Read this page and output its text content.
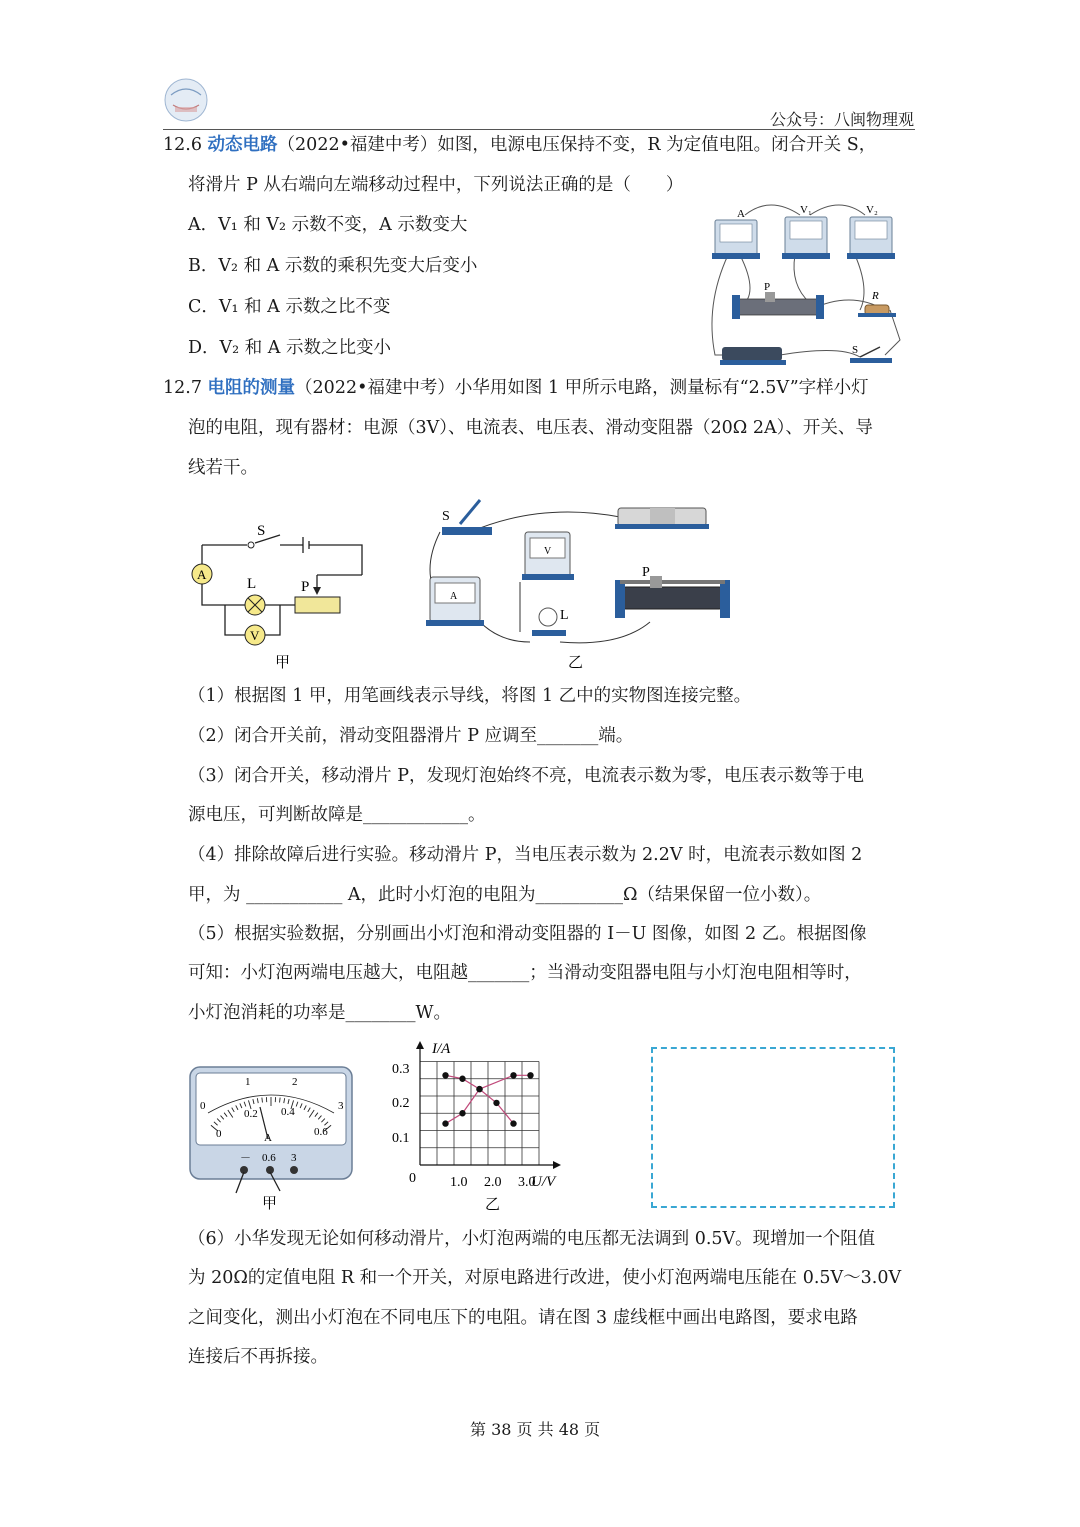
公众号：八闽物理观
12.6 动态电路（2022•福建中考）如图，电源电压保持不变，R 为定值电阻。闭合开关 S，
将滑片 P 从右端向左端移动过程中，下列说法正确的是（　　）
A．V₁ 和 V₂ 示数不变，A 示数变大
B．V₂ 和 A 示数的乘积先变大后变小
C．V₁ 和 A 示数之比不变
D．V₂ 和 A 示数之比变小
A	V₁	V₂
P
R
S
12.7 电阻的测量（2022•福建中考）小华用如图 1 甲所示电路，测量标有“2.5V”字样小灯
泡的电阻，现有器材：电源（3V）、电流表、电压表、滑动变阻器（20Ω 2A）、开关、导
线若干。
A
V
S
L	P
甲
V
A
L
P
S
乙
（1）根据图 1 甲，用笔画线表示导线，将图 1 乙中的实物图连接完整。
（2）闭合开关前，滑动变阻器滑片 P 应调至_______端。
（3）闭合开关，移动滑片 P，发现灯泡始终不亮，电流表示数为零，电压表示数等于电
源电压，可判断故障是____________。
（4）排除故障后进行实验。移动滑片 P，当电压表示数为 2.2V 时，电流表示数如图 2
甲，为 ___________ A，此时小灯泡的电阻为__________Ω（结果保留一位小数）。
（5）根据实验数据，分别画出小灯泡和滑动变阻器的 I－U 图像，如图 2 乙。根据图像
可知：小灯泡两端电压越大，电阻越_______；当滑动变阻器电阻与小灯泡电阻相等时，
小灯泡消耗的功率是________W。
0
1	2
3
0
0.2 0.4
0.6
A
－ 0.6 3
甲
I/A
U/V
0.3
0.2
0.1
0 1.0 2.0 3.0
乙
（6）小华发现无论如何移动滑片，小灯泡两端的电压都无法调到 0.5V。现增加一个阻值
为 20Ω的定值电阻 R 和一个开关，对原电路进行改进，使小灯泡两端电压能在 0.5V～3.0V
之间变化，测出小灯泡在不同电压下的电阻。请在图 3 虚线框中画出电路图，要求电路
连接后不再拆接。
第 38 页 共 48 页
